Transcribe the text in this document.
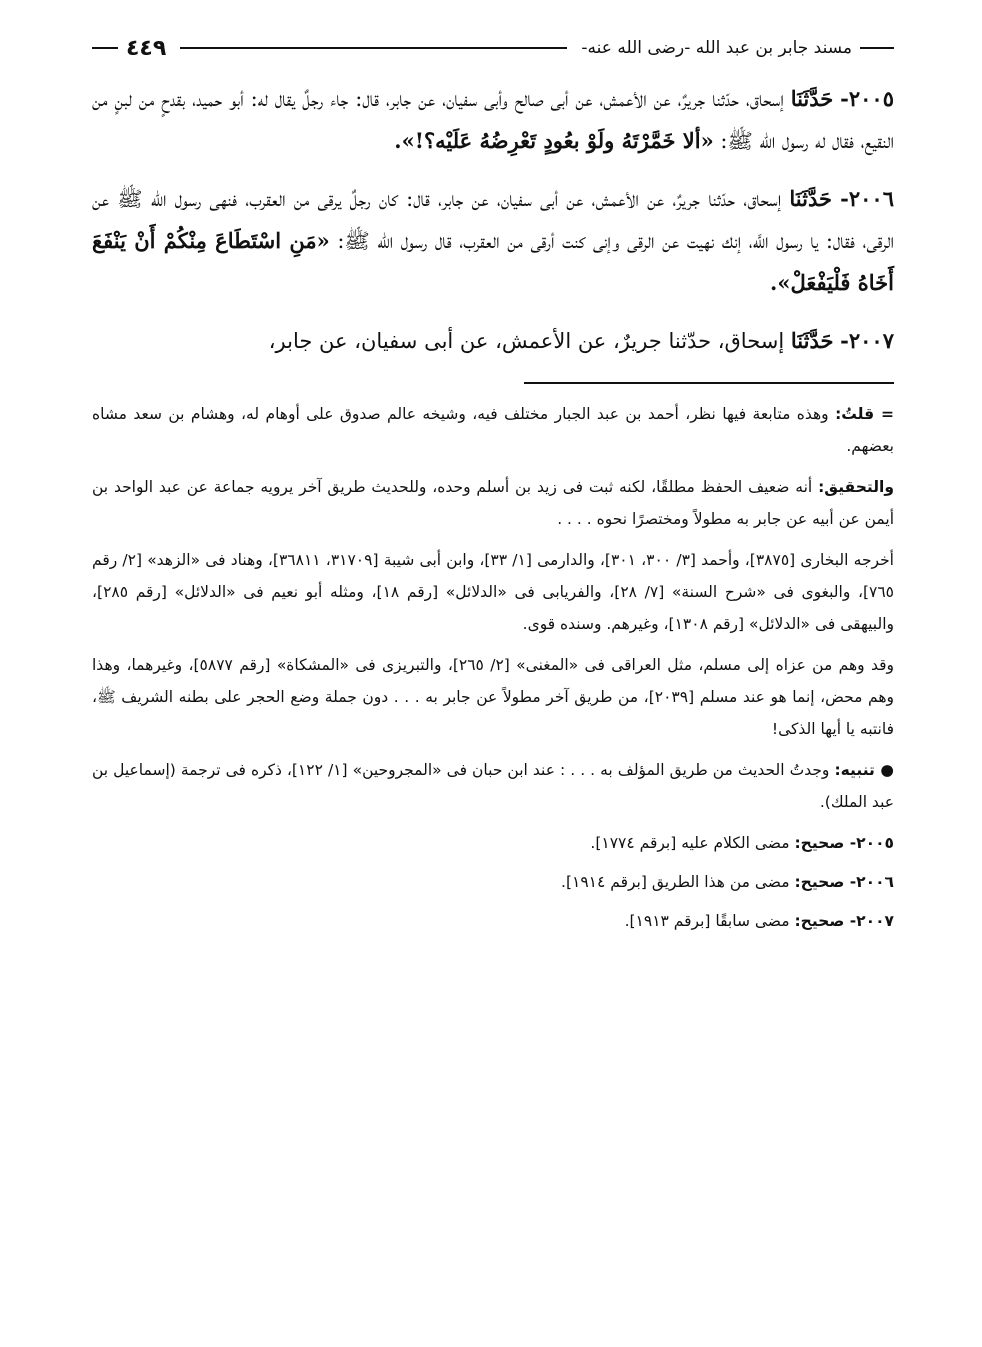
مسند جابر بن عبد الله -رضى الله عنه-
٤٤٩
٢٠٠٥- حَدَّثَنَا إسحاق، حدّثنا جريرٌ، عن الأعمش، عن أبى صالح وأبى سفيان، عن جابر، قال: جاء رجلٌ يقال له: أبو حميد، بقدحٍ من لبنٍ من النقيع، فقال له رسول الله ﷺ: «ألا خَمَّرْتَهُ ولَوْ بعُودٍ تَعْرِضُهُ عَلَيْه؟!».
٢٠٠٦- حَدَّثَنَا إسحاق، حدّثنا جريرٌ، عن الأعمش، عن أبى سفيان، عن جابر، قال: كان رجلٌ يرقى من العقرب، فنهى رسول الله ﷺ عن الرقى، فقال: يا رسول اللَّه، إنك نهيت عن الرقى وإنى كنت أرقى من العقرب، قال رسول الله ﷺ: «مَنِ اسْتَطَاعَ مِنْكُمْ أَنْ يَنْفَعَ أَخَاهُ فَلْيَفْعَلْ».
٢٠٠٧- حَدَّثَنَا إسحاق، حدّثنا جريرٌ، عن الأعمش، عن أبى سفيان، عن جابر،

= قلتُ: وهذه متابعة فيها نظر، أحمد بن عبد الجبار مختلف فيه، وشيخه عالم صدوق على أوهام له، وهشام بن سعد مشاه بعضهم.

والتحقيق: أنه ضعيف الحفظ مطلقًا، لكنه ثبت فى زيد بن أسلم وحده، وللحديث طريق آخر يرويه جماعة عن عبد الواحد بن أيمن عن أبيه عن جابر به مطولاً ومختصرًا نحوه . . . .

أخرجه البخارى [٣٨٧٥]، وأحمد [٣/ ٣٠٠، ٣٠١]، والدارمى [١/ ٣٣]، وابن أبى شيبة [٣١٧٠٩، ٣٦٨١١]، وهناد فى «الزهد» [٢/ رقم ٧٦٥]، والبغوى فى «شرح السنة» [٧/ ٢٨]، والفريابى فى «الدلائل» [رقم ١٨]، ومثله أبو نعيم فى «الدلائل» [رقم ٢٨٥]، والبيهقى فى «الدلائل» [رقم ١٣٠٨]، وغيرهم. وسنده قوى.

وقد وهم من عزاه إلى مسلم، مثل العراقى فى «المغنى» [٢/ ٢٦٥]، والتبريزى فى «المشكاة» [رقم ٥٨٧٧]، وغيرهما، وهذا وهم محض، إنما هو عند مسلم [٢٠٣٩]، من طريق آخر مطولاً عن جابر به . . . دون جملة وضع الحجر على بطنه الشريف ﷺ، فانتبه يا أيها الذكى!

● تنبيه: وجدتُ الحديث من طريق المؤلف به . . . : عند ابن حبان فى «المجروحين» [١/ ١٢٢]، ذكره فى ترجمة (إسماعيل بن عبد الملك).

٢٠٠٥- صحيح: مضى الكلام عليه [برقم ١٧٧٤].

٢٠٠٦- صحيح: مضى من هذا الطريق [برقم ١٩١٤].

٢٠٠٧- صحيح: مضى سابقًا [برقم ١٩١٣].
